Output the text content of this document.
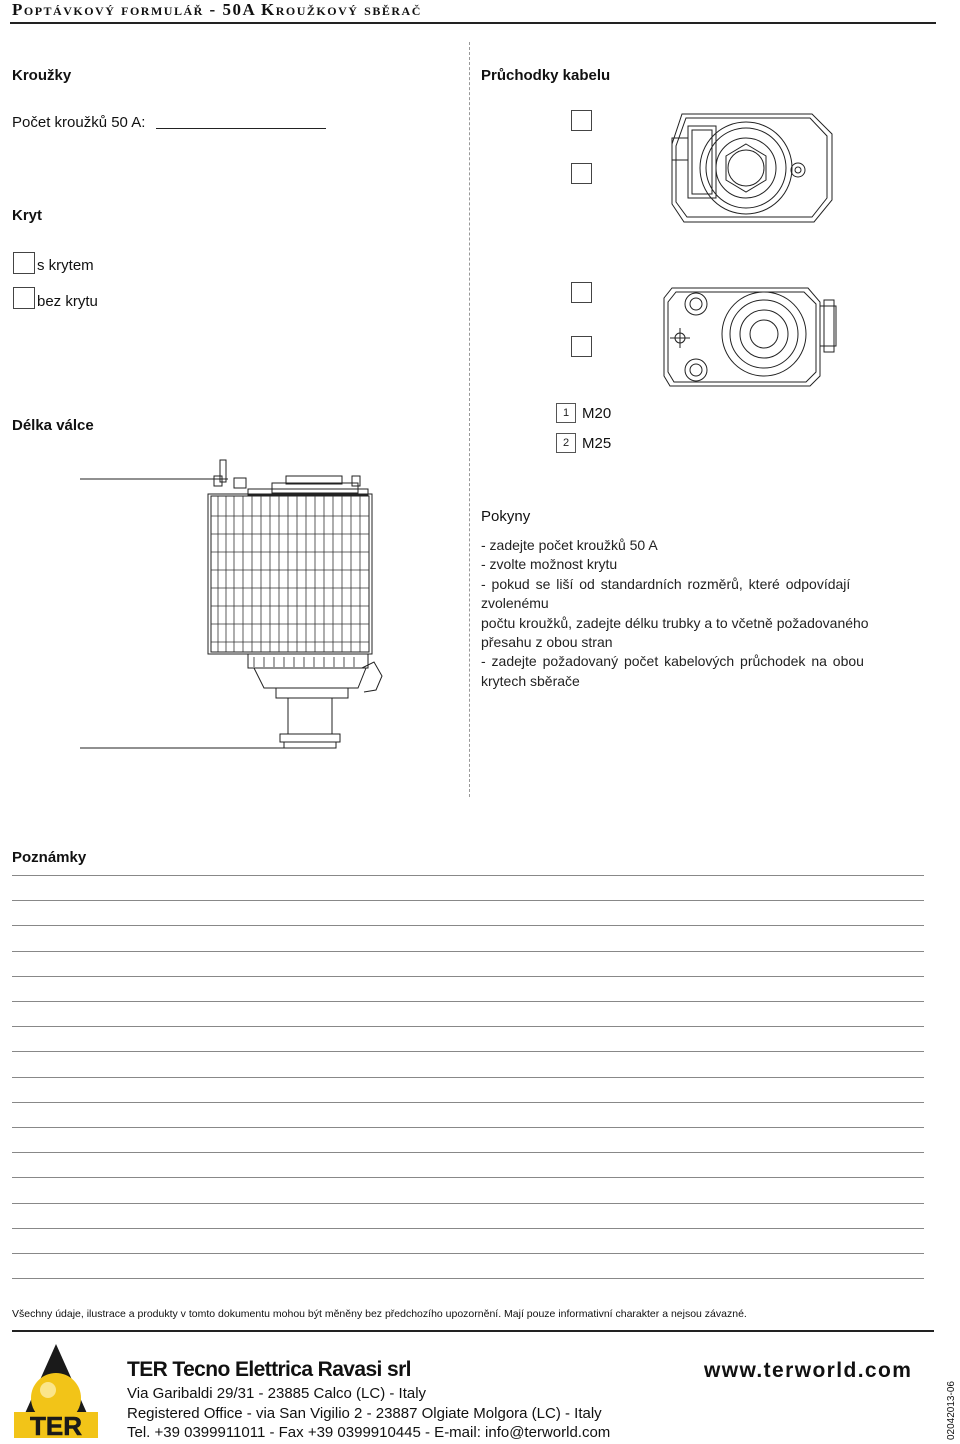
Poptávkový formulář - 50A Kroužkový sběrač
Kroužky
Počet kroužků 50 A:
Kryt
s krytem
bez krytu
Délka válce
Průchodky kabelu
1 M20
2 M25
Pokyny
- zadejte počet kroužků 50 A
- zvolte možnost krytu
- pokud se liší od standardních rozměrů, které odpovídají
zvolenému
počtu kroužků, zadejte délku trubky a to včetně požadovaného
přesahu z obou stran
- zadejte požadovaný počet kabelových průchodek na obou
krytech sběrače
Poznámky
Všechny údaje, ilustrace a produkty v tomto dokumentu mohou být měněny bez předchozího upozornění. Mají pouze informativní charakter a nejsou závazné.
TER
TER Tecno Elettrica Ravasi srl
Via Garibaldi 29/31 - 23885 Calco (LC) - Italy
Registered Office - via San Vigilio 2 - 23887 Olgiate Molgora (LC) - Italy
Tel. +39 0399911011 - Fax +39 0399910445 - E-mail: info@terworld.com
www.terworld.com
02042013-06
